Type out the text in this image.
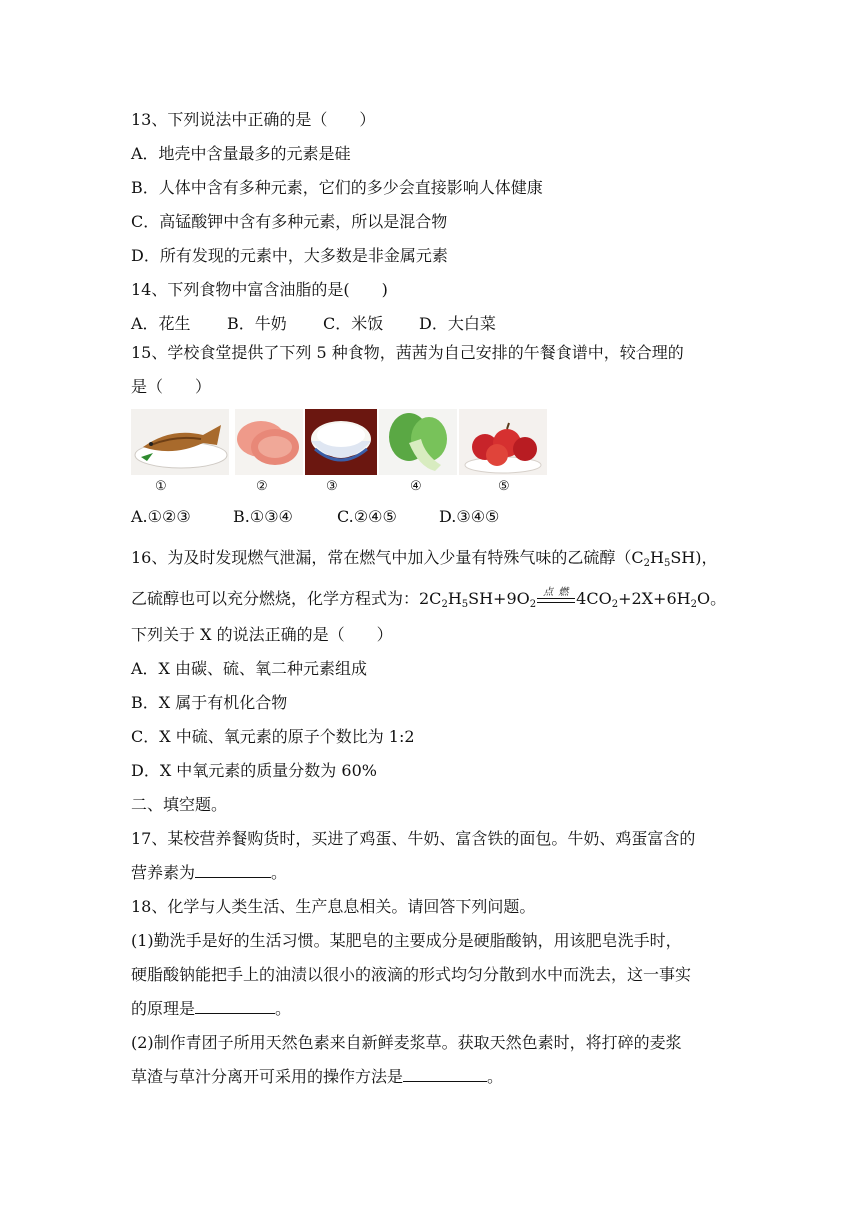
13、下列说法中正确的是（　　）
A．地壳中含量最多的元素是硅
B．人体中含有多种元素，它们的多少会直接影响人体健康
C．高锰酸钾中含有多种元素，所以是混合物
D．所有发现的元素中，大多数是非金属元素
14、下列食物中富含油脂的是(　　)
A．花生 B．牛奶 C．米饭 D．大白菜
15、学校食堂提供了下列 5 种食物，茜茜为自己安排的午餐食谱中，较合理的
是（　　）
①	②	③	④	⑤
A.①②③	B.①③④	C.②④⑤	D.③④⑤
16、为及时发现燃气泄漏，常在燃气中加入少量有特殊气味的乙硫醇$(C_2H_5SH)$，
乙硫醇也可以充分燃烧，化学方程式为：$2C_2H_5SH+9O_2$
点 燃 $4CO_2+2X+6H_2O$。
下列关于 X 的说法正确的是（　　）
A．X 由碳、硫、氧二种元素组成
B．X 属于有机化合物
C．X 中硫、氧元素的原子个数比为 1:2
D．X 中氧元素的质量分数为 60%
二、填空题。
17、某校营养餐购货时，买进了鸡蛋、牛奶、富含铁的面包。牛奶、鸡蛋富含的
营养素为	。
18、化学与人类生活、生产息息相关。请回答下列问题。
(1)勤洗手是好的生活习惯。某肥皂的主要成分是硬脂酸钠，用该肥皂洗手时，
硬脂酸钠能把手上的油渍以很小的液滴的形式均匀分散到水中而洗去，这一事实
的原理是	。
(2)制作青团子所用天然色素来自新鲜麦浆草。获取天然色素时，将打碎的麦浆
草渣与草汁分离开可采用的操作方法是	。
